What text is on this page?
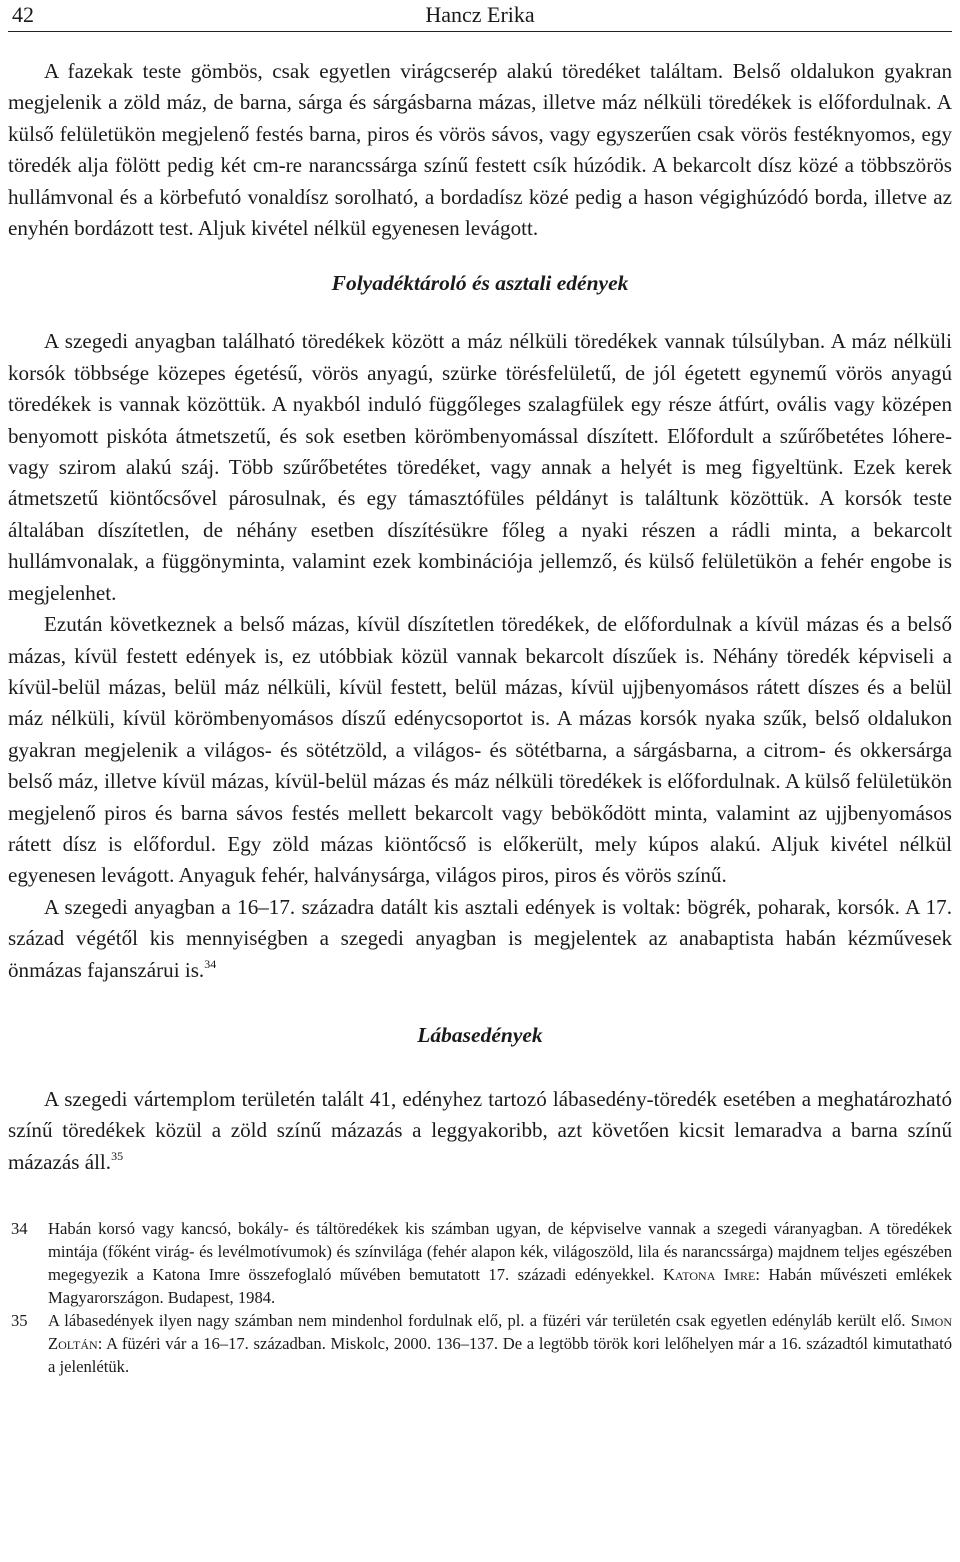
42	Hancz Erika

A fazekak teste gömbös, csak egyetlen virágcserép alakú töredéket találtam. Belső oldalukon gyakran megjelenik a zöld máz, de barna, sárga és sárgásbarna mázas, illetve máz nélküli töredékek is előfordulnak. A külső felületükön megjelenő festés barna, piros és vörös sávos, vagy egyszerűen csak vörös festéknyomos, egy töredék alja fölött pedig két cm-re narancssárga színű festett csík húzódik. A bekarcolt dísz közé a többszörös hullámvonal és a körbefutó vonaldísz sorolható, a bordadísz közé pedig a hason végighúzódó borda, illetve az enyhén bordázott test. Aljuk kivétel nélkül egyenesen levágott.

Folyadéktároló és asztali edények

A szegedi anyagban található töredékek között a máz nélküli töredékek vannak túlsúlyban. A máz nélküli korsók többsége közepes égetésű, vörös anyagú, szürke törésfelületű, de jól égetett egynemű vörös anyagú töredékek is vannak közöttük. A nyakból induló függőleges szalagfülek egy része átfúrt, ovális vagy középen benyomott piskóta átmetszetű, és sok esetben körömbenyomással díszített. Előfordult a szűrőbetétes lóhere- vagy szirom alakú száj. Több szűrőbetétes töredéket, vagy annak a helyét is meg figyeltünk. Ezek kerek átmetszetű kiöntőcsővel párosulnak, és egy támasztófüles példányt is találtunk közöttük. A korsók teste általában díszítetlen, de néhány esetben díszítésükre főleg a nyaki részen a rádli minta, a bekarcolt hullámvonalak, a függönyminta, valamint ezek kombinációja jellemző, és külső felületükön a fehér engobe is megjelenhet.

Ezután következnek a belső mázas, kívül díszítetlen töredékek, de előfordulnak a kívül mázas és a belső mázas, kívül festett edények is, ez utóbbiak közül vannak bekarcolt díszűek is. Néhány töredék képviseli a kívül-belül mázas, belül máz nélküli, kívül festett, belül mázas, kívül ujjbenyomásos rátett díszes és a belül máz nélküli, kívül körömbenyomásos díszű edénycsoportot is. A mázas korsók nyaka szűk, belső oldalukon gyakran megjelenik a világos- és sötétzöld, a világos- és sötétbarna, a sárgásbarna, a citrom- és okkersárga belső máz, illetve kívül mázas, kívül-belül mázas és máz nélküli töredékek is előfordulnak. A külső felületükön megjelenő piros és barna sávos festés mellett bekarcolt vagy bebökődött minta, valamint az ujjbenyomásos rátett dísz is előfordul. Egy zöld mázas kiöntőcső is előkerült, mely kúpos alakú. Aljuk kivétel nélkül egyenesen levágott. Anyaguk fehér, halványsárga, világos piros, piros és vörös színű.

A szegedi anyagban a 16–17. századra datált kis asztali edények is voltak: bögrék, poharak, korsók. A 17. század végétől kis mennyiségben a szegedi anyagban is megjelentek az anabaptista habán kézművesek önmázas fajanszárui is.$^{34}$

Lábasedények

A szegedi vártemplom területén talált 41, edényhez tartozó lábasedény-töredék esetében a meghatározható színű töredékek közül a zöld színű mázazás a leggyakoribb, azt követően kicsit lemaradva a barna színű mázazás áll.$^{35}$

34 Habán korsó vagy kancsó, bokály- és táltöredékek kis számban ugyan, de képviselve vannak a szegedi váranyagban. A töredékek mintája (főként virág- és levélmotívumok) és színvilága (fehér alapon kék, világoszöld, lila és narancssárga) majdnem teljes egészében megegyezik a Katona Imre összefoglaló művében bemutatott 17. századi edényekkel. Katona Imre: Habán művészeti emlékek Magyarországon. Budapest, 1984.

35 A lábasedények ilyen nagy számban nem mindenhol fordulnak elő, pl. a füzéri vár területén csak egyetlen edényláb került elő. Simon Zoltán: A füzéri vár a 16–17. században. Miskolc, 2000. 136–137. De a legtöbb török kori lelőhelyen már a 16. századtól kimutatható a jelenlétük.
